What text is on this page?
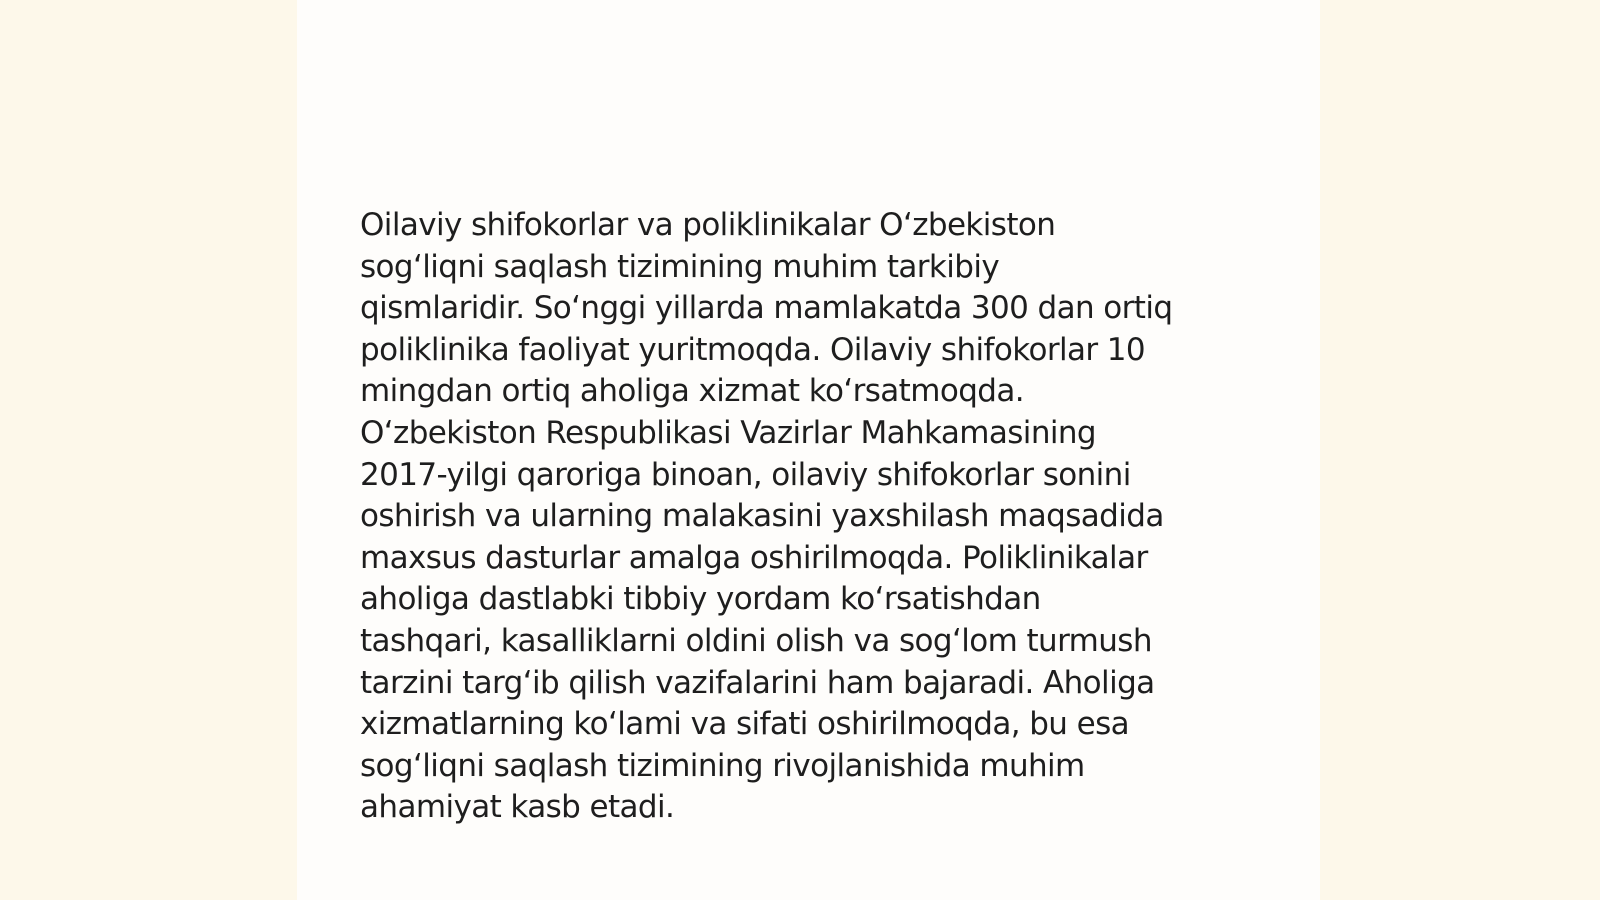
Oilaviy shifokorlar va poliklinikalar Oʻzbekiston
sogʻliqni saqlash tizimining muhim tarkibiy
qismlaridir. Soʻnggi yillarda mamlakatda 300 dan ortiq
poliklinika faoliyat yuritmoqda. Oilaviy shifokorlar 10
mingdan ortiq aholiga xizmat koʻrsatmoqda.
Oʻzbekiston Respublikasi Vazirlar Mahkamasining
2017-yilgi qaroriga binoan, oilaviy shifokorlar sonini
oshirish va ularning malakasini yaxshilash maqsadida
maxsus dasturlar amalga oshirilmoqda. Poliklinikalar
aholiga dastlabki tibbiy yordam koʻrsatishdan
tashqari, kasalliklarni oldini olish va sogʻlom turmush
tarzini targʻib qilish vazifalarini ham bajaradi. Aholiga
xizmatlarning koʻlami va sifati oshirilmoqda, bu esa
sogʻliqni saqlash tizimining rivojlanishida muhim
ahamiyat kasb etadi.
